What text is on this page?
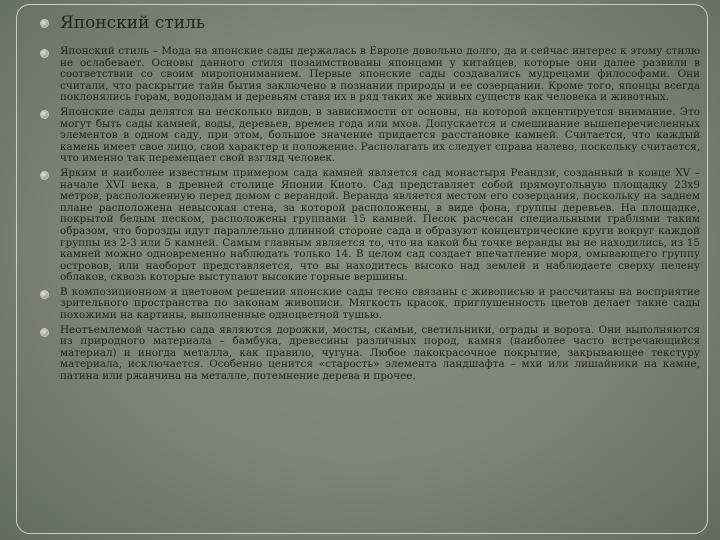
Японский стиль
Японский стиль – Мода на японские сады держалась в Европе довольно долго, да и сейчас интерес к этому стилю не ослабевает. Основы данного стиля позаимствованы японцами у китайцев, которые они далее развили в соответствии со своим миропониманием. Первые японские сады создавались мудрецами философами. Они считали, что раскрытие тайн бытия заключено в познании природы и ее созерцании. Кроме того, японцы всегда поклонялись горам, водопадам и деревьям ставя их в ряд таких же живых существ как человека и животных.
Японские сады делятся на несколько видов, в зависимости от основы, на которой акцентируется внимание. Это могут быть сады камней, воды, деревьев, времен года или мхов. Допускается и смешивание вышеперечисленных элементов в одном саду, при этом, большое значение придается расстановке камней. Считается, что каждый камень имеет свое лицо, свой характер и положение. Располагать их следует справа налево, поскольку считается, что именно так перемещает свой взгляд человек.
Ярким и наиболее известным примером сада камней является сад монастыря Реандзи, созданный в конце XV – начале XVI века, в древней столице Японии Киото. Сад представляет собой прямоугольную площадку 23х9 метров, расположенную перед домом с верандой. Веранда является местом его созерцания, поскольку на заднем плане расположена невысокая стена, за которой расположены, в виде фона, группы деревьев. На площадке, покрытой белым песком, расположены группами 15 камней. Песок расчесан специальными граблями таким образом, что борозды идут параллельно длинной стороне сада и образуют концентрические круги вокруг каждой группы из 2-3 или 5 камней. Самым главным является то, что на какой бы точке веранды вы не находились, из 15 камней можно одновременно наблюдать только 14. В целом сад создает впечатление моря, омывающего группу островов, или наоборот представляется, что вы находитесь высоко над землей и наблюдаете сверху пелену облаков, сквозь которые выступают высокие горные вершины.
В композиционном и цветовом решении японские сады тесно связаны с живописью и рассчитаны на восприятие зрительного пространства по законам живописи. Мягкость красок, приглушенность цветов делает такие сады похожими на картины, выполненные одноцветной тушью.
Неотъемлемой частью сада являются дорожки, мосты, скамьи, светильники, ограды и ворота. Они выполняются из природного материала – бамбука, древесины различных пород, камня (наиболее часто встречающийся материал) и иногда металла, как правило, чугуна. Любое лакокрасочное покрытие, закрывающее текстуру материала, исключается. Особенно ценится «старость» элемента ландшафта – мхи или лишайники на камне, патина или ржавчина на металле, потемнение дерева и прочее.
